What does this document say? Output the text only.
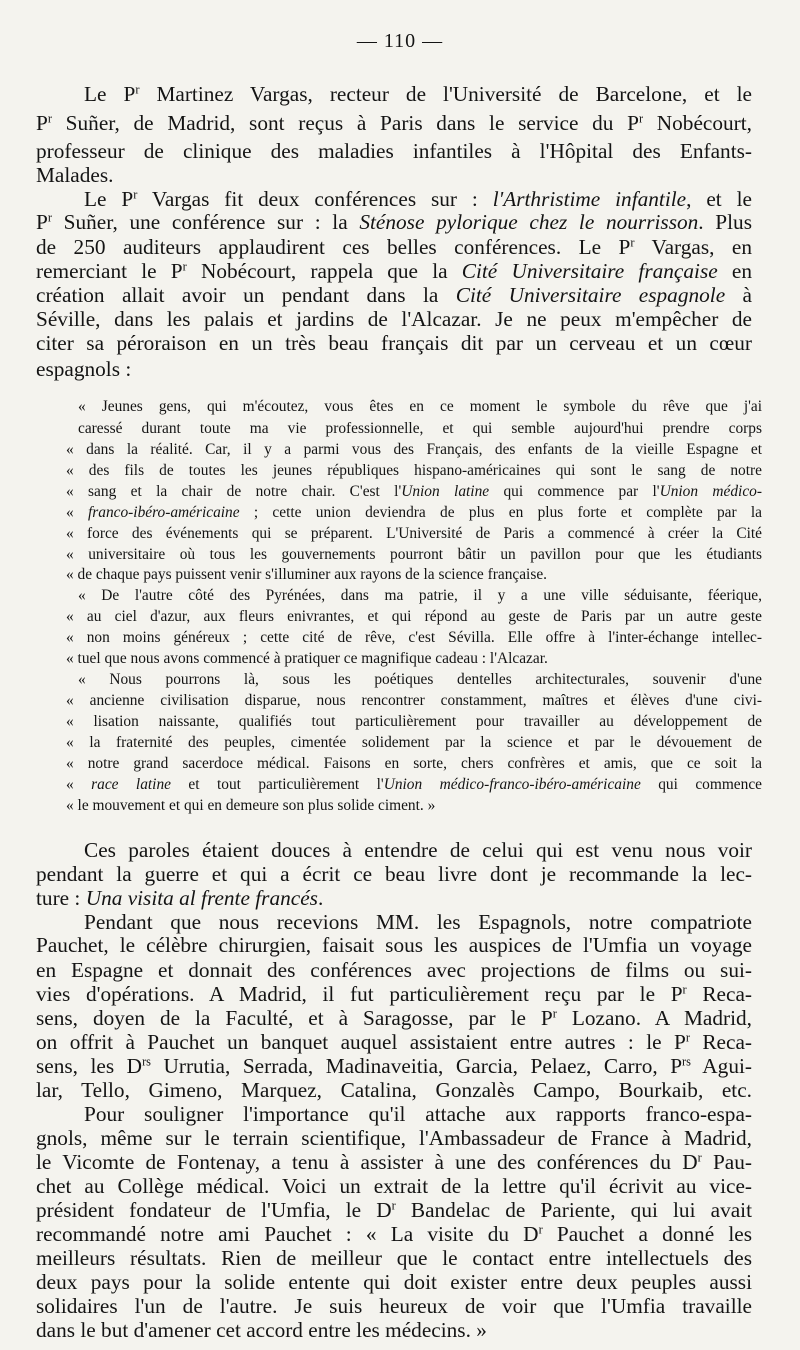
— 110 —
Le $P^r$ Martinez Vargas, recteur de l'Université de Barcelone, et le
$P^r$ Suñer, de Madrid, sont reçus à Paris dans le service du $P^r$ Nobécourt,
professeur de clinique des maladies infantiles à l'Hôpital des Enfants-
Malades.
Le $P^r$ Vargas fit deux conférences sur : l'Arthristime infantile, et le
$P^r$ Suñer, une conférence sur : la Sténose pylorique chez le nourrisson. Plus
de 250 auditeurs applaudirent ces belles conférences. Le $P^r$ Vargas, en
remerciant le $P^r$ Nobécourt, rappela que la Cité Universitaire française en
création allait avoir un pendant dans la Cité Universitaire espagnole à
Séville, dans les palais et jardins de l'Alcazar. Je ne peux m'empêcher de
citer sa péroraison en un très beau français dit par un cerveau et un cœur
espagnols :
« Jeunes gens, qui m'écoutez, vous êtes en ce moment le symbole du rêve que j'ai
caressé durant toute ma vie professionnelle, et qui semble aujourd'hui prendre corps
« dans la réalité. Car, il y a parmi vous des Français, des enfants de la vieille Espagne et
« des fils de toutes les jeunes républiques hispano-américaines qui sont le sang de notre
« sang et la chair de notre chair. C'est l'Union latine qui commence par l'Union médico-
« franco-ibéro-américaine ; cette union deviendra de plus en plus forte et complète par la
« force des événements qui se préparent. L'Université de Paris a commencé à créer la Cité
« universitaire où tous les gouvernements pourront bâtir un pavillon pour que les étudiants
« de chaque pays puissent venir s'illuminer aux rayons de la science française.
« De l'autre côté des Pyrénées, dans ma patrie, il y a une ville séduisante, féerique,
« au ciel d'azur, aux fleurs enivrantes, et qui répond au geste de Paris par un autre geste
« non moins généreux ; cette cité de rêve, c'est Sévilla. Elle offre à l'inter-échange intellec-
« tuel que nous avons commencé à pratiquer ce magnifique cadeau : l'Alcazar.
« Nous pourrons là, sous les poétiques dentelles architecturales, souvenir d'une
« ancienne civilisation disparue, nous rencontrer constamment, maîtres et élèves d'une civi-
« lisation naissante, qualifiés tout particulièrement pour travailler au développement de
« la fraternité des peuples, cimentée solidement par la science et par le dévouement de
« notre grand sacerdoce médical. Faisons en sorte, chers confrères et amis, que ce soit la
« race latine et tout particulièrement l'Union médico-franco-ibéro-américaine qui commence
« le mouvement et qui en demeure son plus solide ciment. »
Ces paroles étaient douces à entendre de celui qui est venu nous voir
pendant la guerre et qui a écrit ce beau livre dont je recommande la lec-
ture : Una visita al frente francés.
Pendant que nous recevions MM. les Espagnols, notre compatriote
Pauchet, le célèbre chirurgien, faisait sous les auspices de l'Umfia un voyage
en Espagne et donnait des conférences avec projections de films ou sui-
vies d'opérations. A Madrid, il fut particulièrement reçu par le $P^r$ Reca-
sens, doyen de la Faculté, et à Saragosse, par le $P^r$ Lozano. A Madrid,
on offrit à Pauchet un banquet auquel assistaient entre autres : le $P^r$ Reca-
sens, les $D^{rs}$ Urrutia, Serrada, Madinaveitia, Garcia, Pelaez, Carro, $P^{rs}$ Agui-
lar, Tello, Gimeno, Marquez, Catalina, Gonzalès Campo, Bourkaib, etc.
Pour souligner l'importance qu'il attache aux rapports franco-espa-
gnols, même sur le terrain scientifique, l'Ambassadeur de France à Madrid,
le Vicomte de Fontenay, a tenu à assister à une des conférences du $D^r$ Pau-
chet au Collège médical. Voici un extrait de la lettre qu'il écrivit au vice-
président fondateur de l'Umfia, le $D^r$ Bandelac de Pariente, qui lui avait
recommandé notre ami Pauchet : « La visite du $D^r$ Pauchet a donné les
meilleurs résultats. Rien de meilleur que le contact entre intellectuels des
deux pays pour la solide entente qui doit exister entre deux peuples aussi
solidaires l'un de l'autre. Je suis heureux de voir que l'Umfia travaille
dans le but d'amener cet accord entre les médecins. »
